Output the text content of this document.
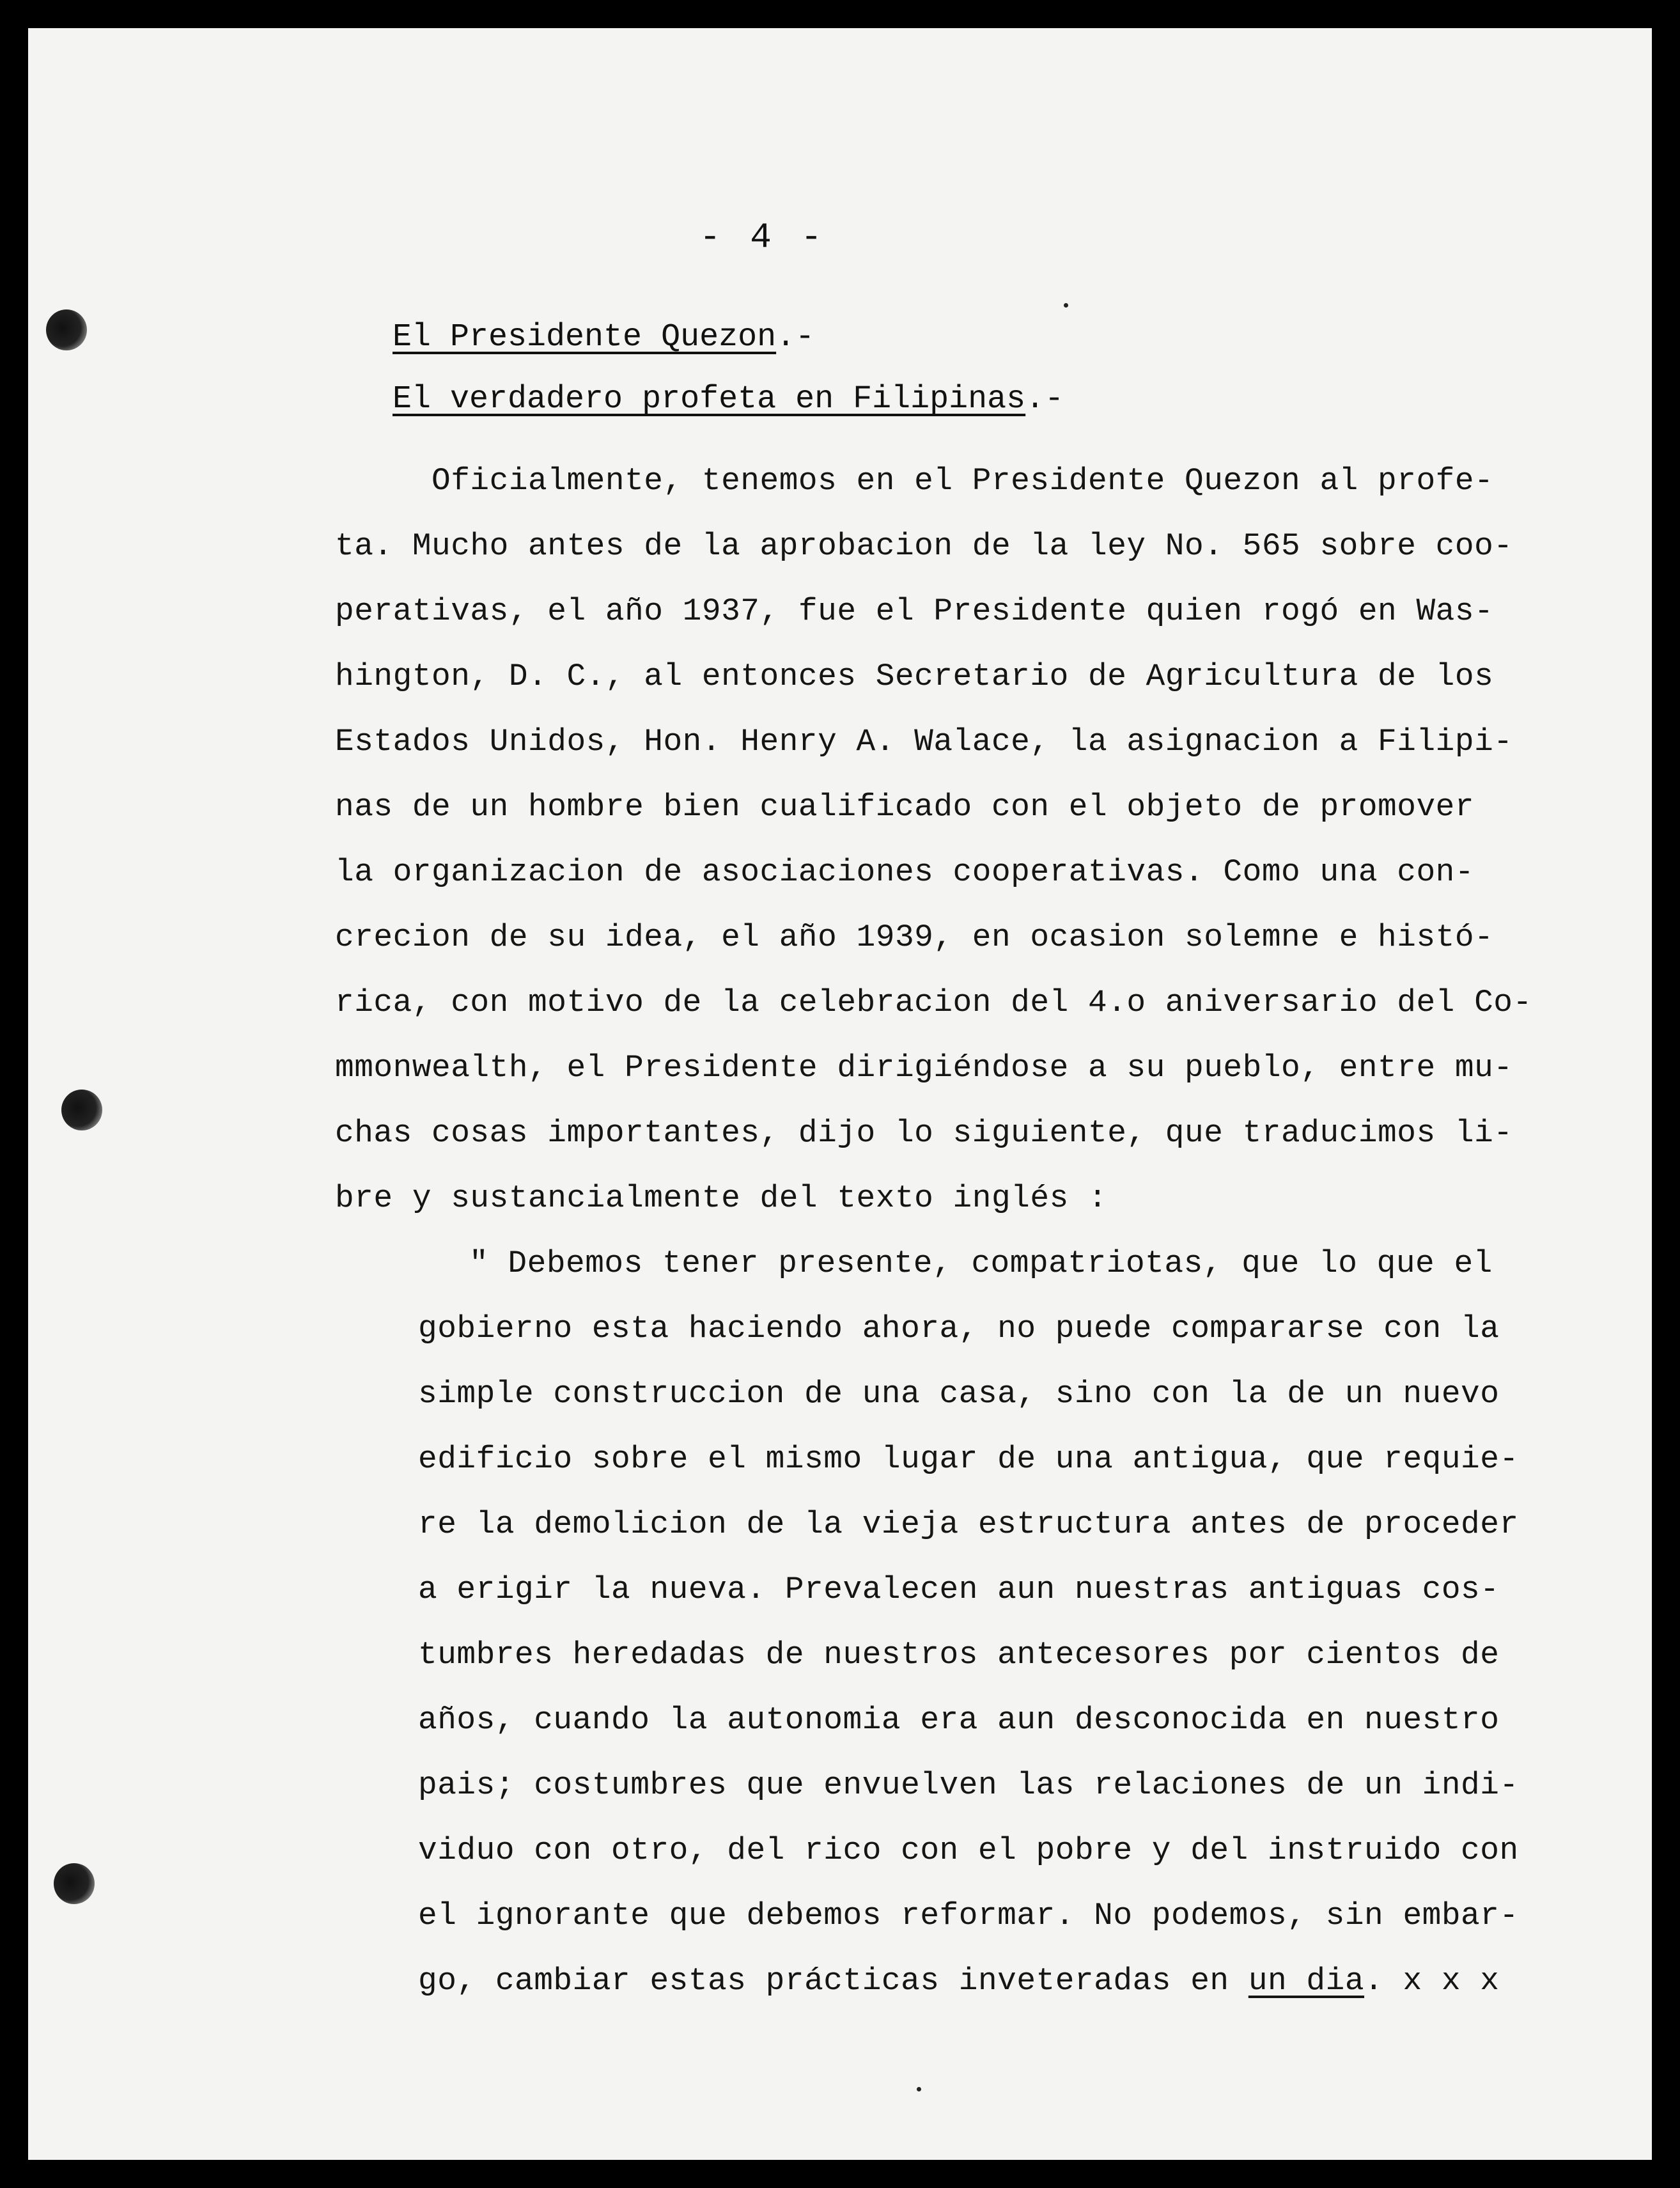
- 4 -
El Presidente Quezon.-
El verdadero profeta en Filipinas.-
Oficialmente, tenemos en el Presidente Quezon al profe-
ta. Mucho antes de la aprobacion de la ley No. 565 sobre coo-
perativas, el año 1937, fue el Presidente quien rogó en Was-
hington, D. C., al entonces Secretario de Agricultura de los
Estados Unidos, Hon. Henry A. Walace, la asignacion a Filipi-
nas de un hombre bien cualificado con el objeto de promover
la organizacion de asociaciones cooperativas. Como una con-
crecion de su idea, el año 1939, en ocasion solemne e histó-
rica, con motivo de la celebracion del 4.o aniversario del Co-
mmonwealth, el Presidente dirigiéndose a su pueblo, entre mu-
chas cosas importantes, dijo lo siguiente, que traducimos li-
bre y sustancialmente del texto inglés :
" Debemos tener presente, compatriotas, que lo que el
gobierno esta haciendo ahora, no puede compararse con la
simple construccion de una casa, sino con la de un nuevo
edificio sobre el mismo lugar de una antigua, que requie-
re la demolicion de la vieja estructura antes de proceder
a erigir la nueva. Prevalecen aun nuestras antiguas cos-
tumbres heredadas de nuestros antecesores por cientos de
años, cuando la autonomia era aun desconocida en nuestro
pais; costumbres que envuelven las relaciones de un indi-
viduo con otro, del rico con el pobre y del instruido con
el ignorante que debemos reformar. No podemos, sin embar-
go, cambiar estas prácticas inveteradas en un dia. x x x
